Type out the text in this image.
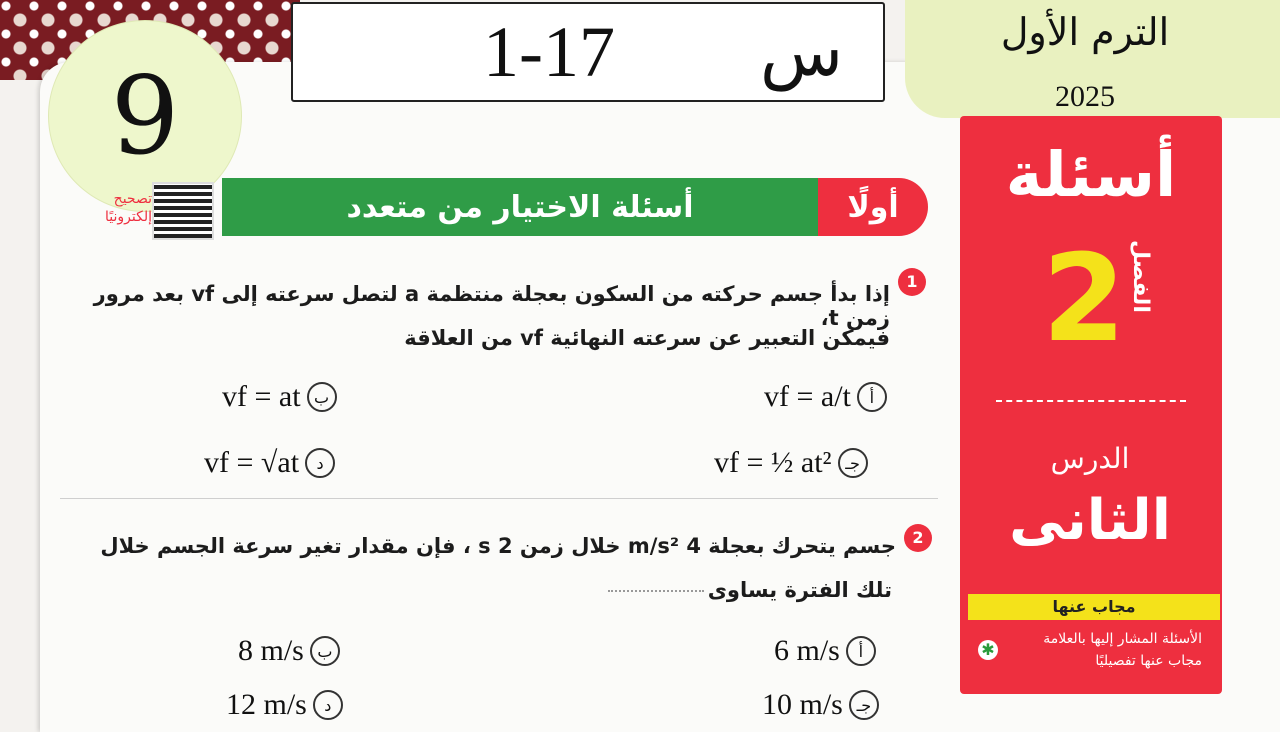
9
1-17 س	الترم الأول
2025
أسئلة
الفصل
2
الدرس
الثانى
مجاب عنها
الأسئلة المشار إليها بالعلامة
مجاب عنها تفصيليًا
✱
تصحيح إلكترونيًا	أسئلة الاختيار من متعدد	أولًا
1
إذا بدأ جسم حركته من السكون بعجلة منتظمة a لتصل سرعته إلى vf بعد مرور زمن t،
فيمكن التعبير عن سرعته النهائية vf من العلاقة
vf = a/t	أ
vf = at ب
vf = ½ at² جـ
vf = √at	د
2
جسم يتحرك بعجلة 4 m/s² خلال زمن 2 s ، فإن مقدار تغير سرعة الجسم خلال
تلك الفترة يساوى
6 m/s	أ
8 m/s ب
10 m/s جـ
12 m/s	د
